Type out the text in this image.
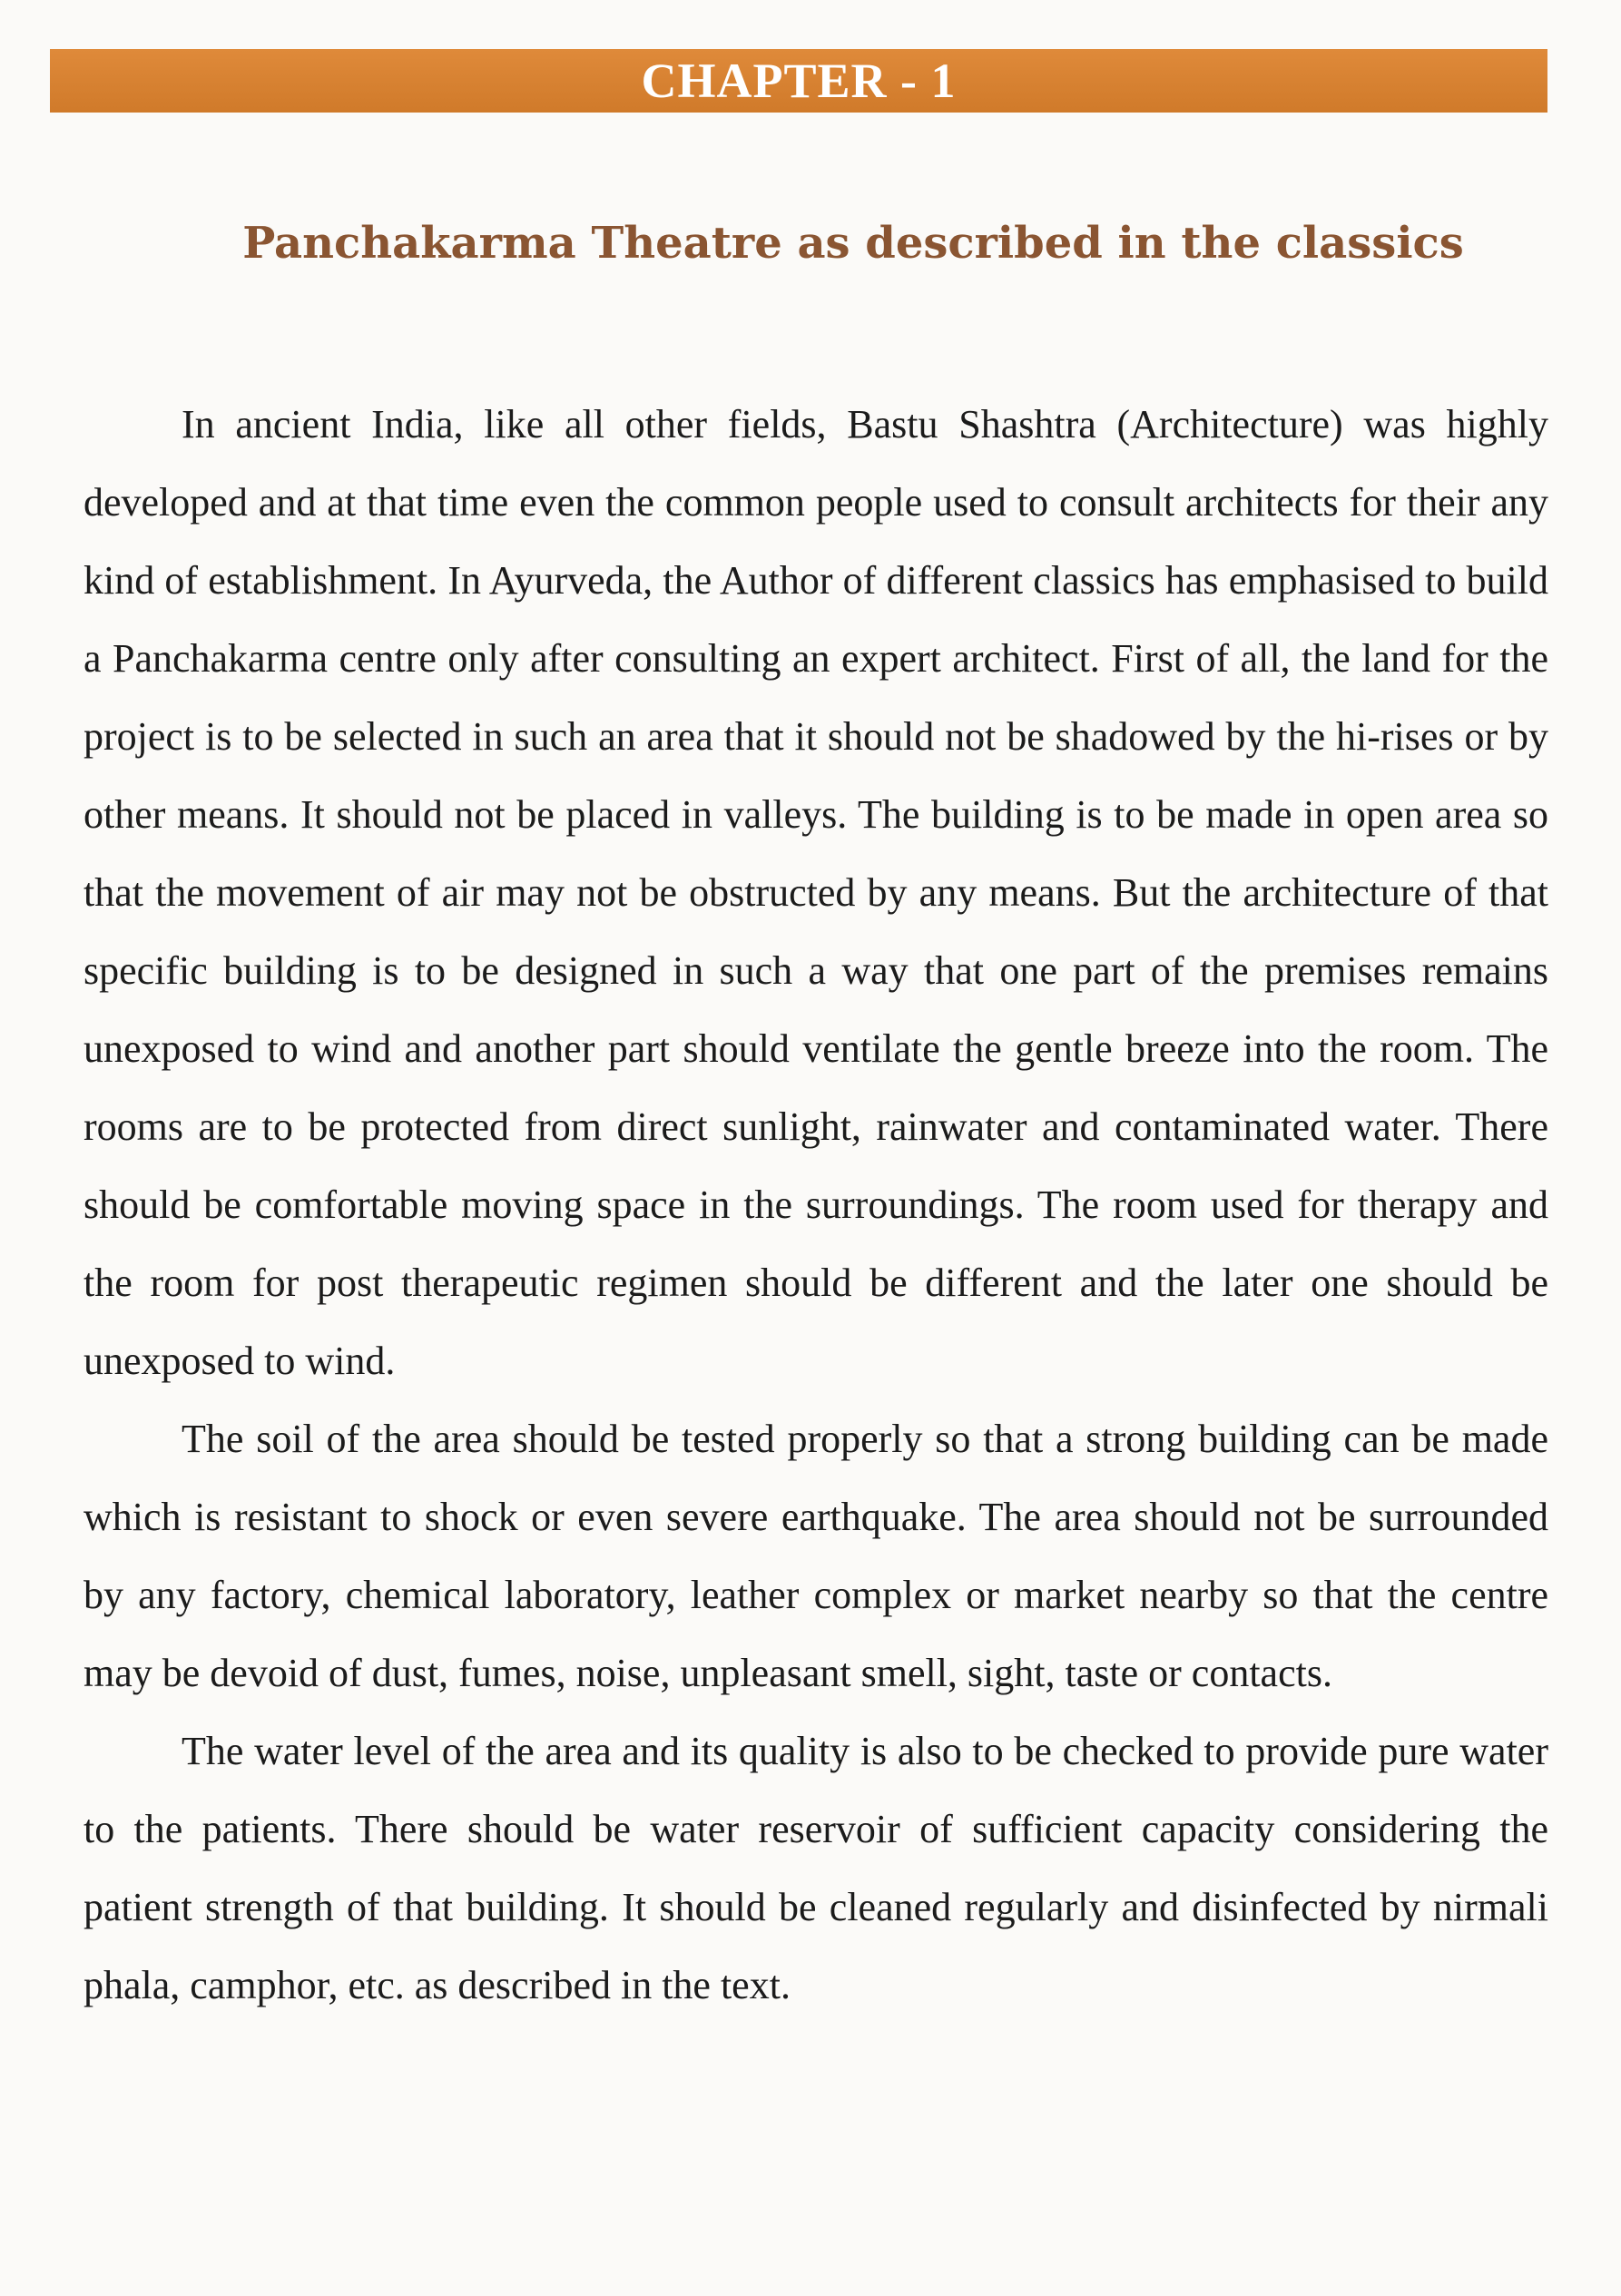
CHAPTER - 1
Panchakarma Theatre as described in the classics

In ancient India, like all other fields, Bastu Shashtra (Architecture) was highly developed and at that time even the common people used to consult architects for their any kind of establishment. In Ayurveda, the Author of different classics has emphasised to build a Panchakarma centre only after consulting an expert architect. First of all, the land for the project is to be selected in such an area that it should not be shadowed by the hi-rises or by other means. It should not be placed in valleys. The building is to be made in open area so that the movement of air may not be obstructed by any means. But the architecture of that specific building is to be designed in such a way that one part of the premises remains unexposed to wind and another part should ventilate the gentle breeze into the room. The rooms are to be protected from direct sunlight, rainwater and contaminated water. There should be comfortable moving space in the surroundings. The room used for therapy and the room for post therapeutic regimen should be different and the later one should be unexposed to wind.

The soil of the area should be tested properly so that a strong building can be made which is resistant to shock or even severe earthquake. The area should not be surrounded by any factory, chemical laboratory, leather complex or market nearby so that the centre may be devoid of dust, fumes, noise, unpleasant smell, sight, taste or contacts.

The water level of the area and its quality is also to be checked to provide pure water to the patients. There should be water reservoir of sufficient capacity considering the patient strength of that building. It should be cleaned regularly and disinfected by nirmali phala, camphor, etc. as described in the text.
